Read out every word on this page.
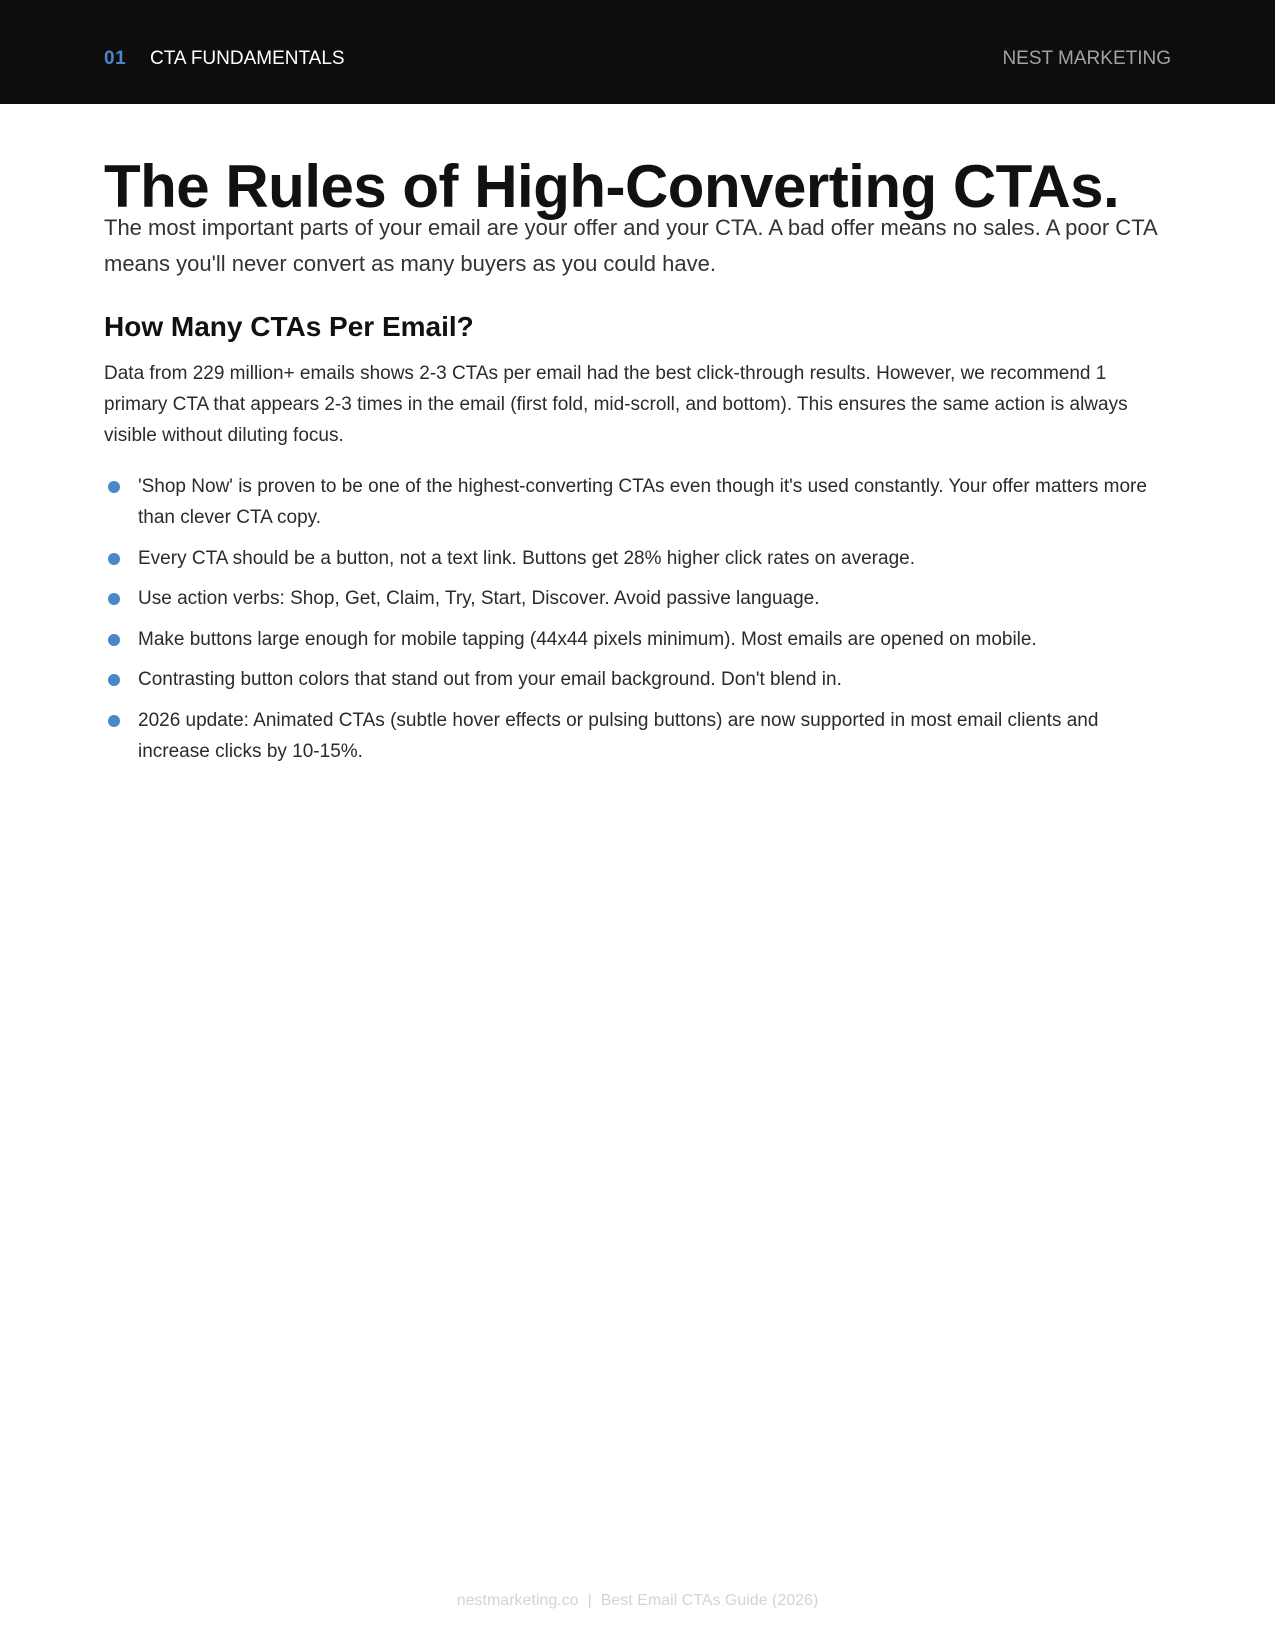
01 CTA FUNDAMENTALS	NEST MARKETING
The Rules of High-Converting CTAs.

The most important parts of your email are your offer and your CTA. A bad offer means no sales. A poor CTA means you'll never convert as many buyers as you could have.

How Many CTAs Per Email?

Data from 229 million+ emails shows 2-3 CTAs per email had the best click-through results. However, we recommend 1 primary CTA that appears 2-3 times in the email (first fold, mid-scroll, and bottom). This ensures the same action is always visible without diluting focus.

'Shop Now' is proven to be one of the highest-converting CTAs even though it's used constantly. Your offer matters more than clever CTA copy.
Every CTA should be a button, not a text link. Buttons get 28% higher click rates on average.
Use action verbs: Shop, Get, Claim, Try, Start, Discover. Avoid passive language.
Make buttons large enough for mobile tapping (44x44 pixels minimum). Most emails are opened on mobile.
Contrasting button colors that stand out from your email background. Don't blend in.
2026 update: Animated CTAs (subtle hover effects or pulsing buttons) are now supported in most email clients and increase clicks by 10-15%.
nestmarketing.co | Best Email CTAs Guide (2026)
